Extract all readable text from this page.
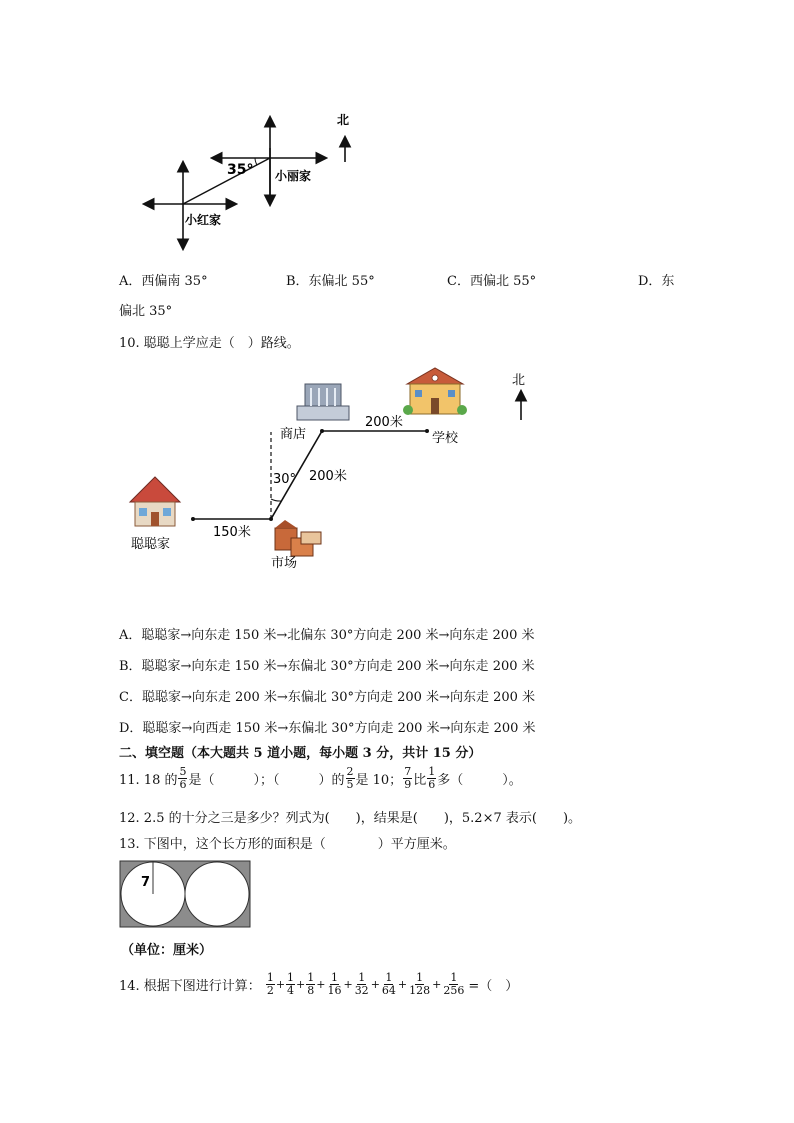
35° 小丽家
小红家
北
A．西偏南 35°	B．东偏北 55°	C．西偏北 55°	D．东
偏北 35°
10. 聪聪上学应走（　）路线。
聪聪家
150米
30° 200米
200米
商店	学校
市场
北
A．聪聪家→向东走 150 米→北偏东 30°方向走 200 米→向东走 200 米
B．聪聪家→向东走 150 米→东偏北 30°方向走 200 米→向东走 200 米
C．聪聪家→向东走 200 米→东偏北 30°方向走 200 米→向东走 200 米
D．聪聪家→向西走 150 米→东偏北 30°方向走 200 米→向东走 200 米
二、填空题（本大题共 5 道小题，每小题 3 分，共计 15 分）
11. 18 的 $\frac{5}{6}$ 是（　　　）；（　　　）的 $\frac{2}{5}$ 是 10； $\frac{7}{9}$ 比 $\frac{1}{6}$ 多（　　　）。
12. 2.5 的十分之三是多少？列式为(　　)，结果是(　　)，5.2×7 表示(　　)。
13. 下图中，这个长方形的面积是（　　　　）平方厘米。
7
（单位：厘米）
14. 根据下图进行计算： $\frac{1}{2} + \frac{1}{4} + \frac{1}{8} + \frac{1}{16} + \frac{1}{32} + \frac{1}{64} + \frac{1}{128} + \frac{1}{256}$ =（　）
